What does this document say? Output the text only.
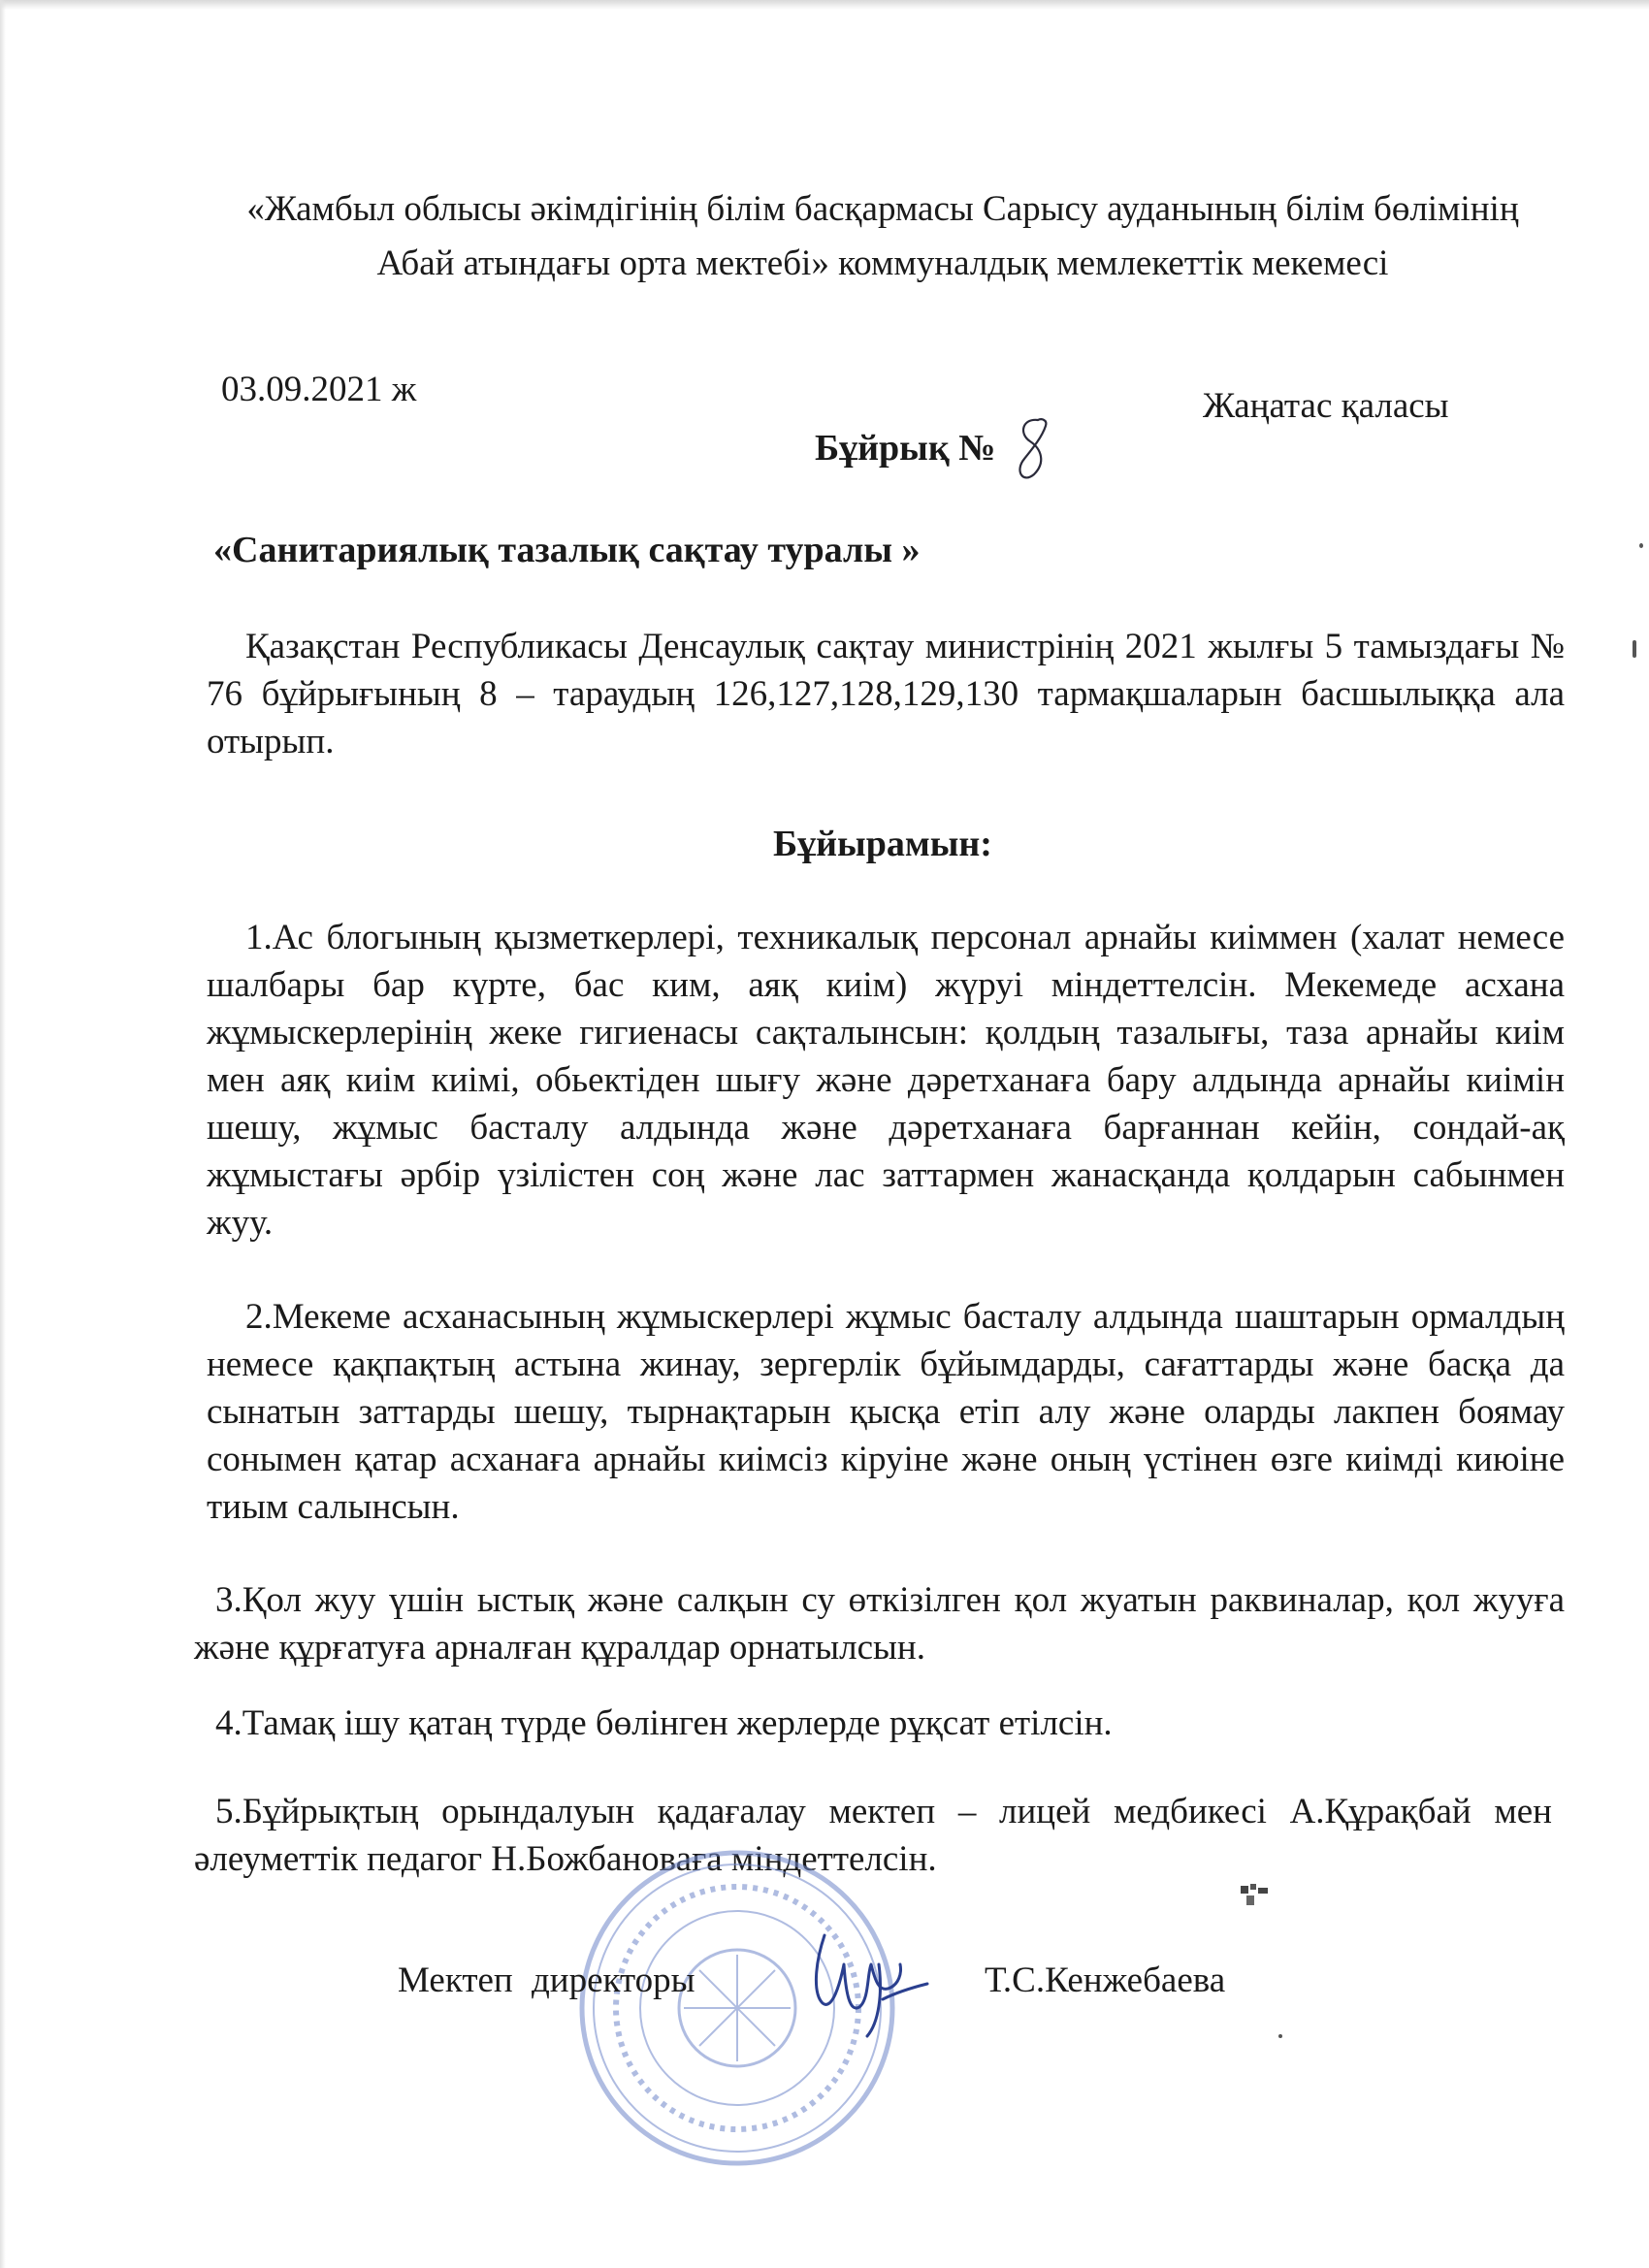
«Жамбыл облысы әкімдігінің білім басқармасы Сарысу ауданының білім бөлімінің
Абай атындағы орта мектебі» коммуналдық мемлекеттік мекемесі
03.09.2021 ж	Жаңатас қаласы
Бұйрық №
«Санитариялық тазалық сақтау туралы »
Қазақстан Республикасы Денсаулық сақтау министрінің 2021 жылғы 5 тамыздағы № 76 бұйрығының 8 – тараудың 126,127,128,129,130 тармақшаларын басшылыққа ала отырып.
Бұйырамын:
1.Ас блогының қызметкерлері, техникалық персонал арнайы киіммен (халат немесе шалбары бар күрте, бас ким, аяқ киім) жүруі міндеттелсін. Мекемеде асхана жұмыскерлерінің жеке гигиенасы сақталынсын: қолдың тазалығы, таза арнайы киім мен аяқ киім киімі, обьектіден шығу және дәретханаға бару алдында арнайы киімін шешу, жұмыс басталу алдында және дәретханаға барғаннан кейін, сондай-ақ жұмыстағы әрбір үзілістен соң және лас заттармен жанасқанда қолдарын сабынмен жуу.
2.Мекеме асханасының жұмыскерлері жұмыс басталу алдында шаштарын ормалдың немесе қақпақтың астына жинау, зергерлік бұйымдарды, сағаттарды және басқа да сынатын заттарды шешу, тырнақтарын қысқа етіп алу және оларды лакпен боямау сонымен қатар асханаға арнайы киімсіз кіруіне және оның үстінен өзге киімді киюіне тиым салынсын.
3.Қол жуу үшін ыстық және салқын су өткізілген қол жуатын раквиналар, қол жууға және құрғатуға арналған құралдар орнатылсын.
4.Тамақ ішу қатаң түрде бөлінген жерлерде рұқсат етілсін.
5.Бұйрықтың орындалуын қадағалау мектеп – лицей медбикесі А.Құрақбай мен әлеуметтік педагог Н.Божбановаға міндеттелсін.
Мектеп директоры	Т.С.Кенжебаева
